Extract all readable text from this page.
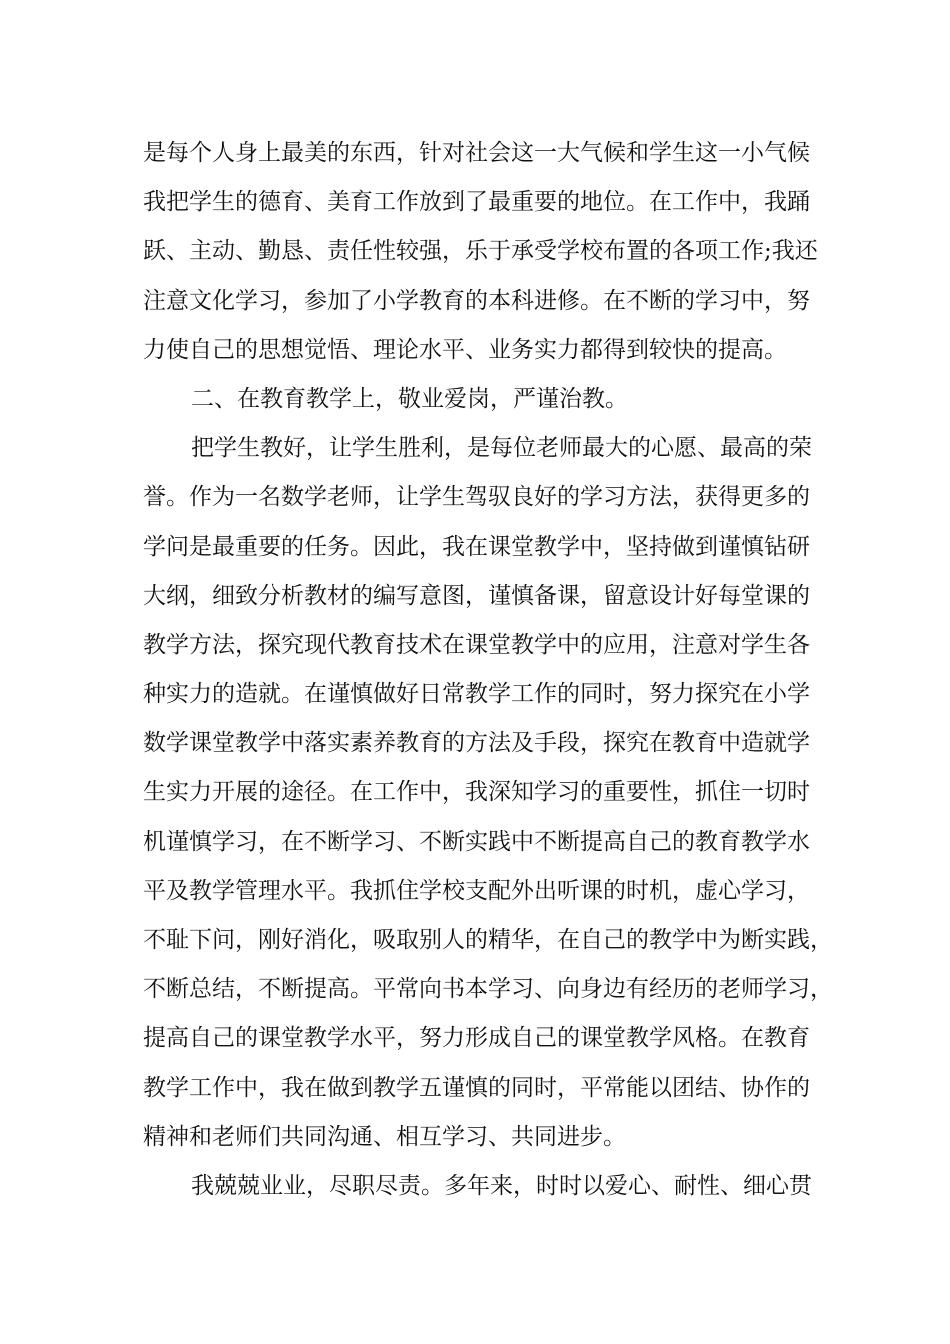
是每个人身上最美的东西，针对社会这一大气候和学生这一小气候
我把学生的德育、美育工作放到了最重要的地位。在工作中，我踊
跃、主动、勤恳、责任性较强，乐于承受学校布置的各项工作;我还
注意文化学习，参加了小学教育的本科进修。在不断的学习中，努
力使自己的思想觉悟、理论水平、业务实力都得到较快的提高。
二、在教育教学上，敬业爱岗，严谨治教。
把学生教好，让学生胜利，是每位老师最大的心愿、最高的荣
誉。作为一名数学老师，让学生驾驭良好的学习方法，获得更多的
学问是最重要的任务。因此，我在课堂教学中，坚持做到谨慎钻研
大纲，细致分析教材的编写意图，谨慎备课，留意设计好每堂课的
教学方法，探究现代教育技术在课堂教学中的应用，注意对学生各
种实力的造就。在谨慎做好日常教学工作的同时，努力探究在小学
数学课堂教学中落实素养教育的方法及手段，探究在教育中造就学
生实力开展的途径。在工作中，我深知学习的重要性，抓住一切时
机谨慎学习，在不断学习、不断实践中不断提高自己的教育教学水
平及教学管理水平。我抓住学校支配外出听课的时机，虚心学习，
不耻下问，刚好消化，吸取别人的精华，在自己的教学中为断实践，
不断总结，不断提高。平常向书本学习、向身边有经历的老师学习，
提高自己的课堂教学水平，努力形成自己的课堂教学风格。在教育
教学工作中，我在做到教学五谨慎的同时，平常能以团结、协作的
精神和老师们共同沟通、相互学习、共同进步。
我兢兢业业，尽职尽责。多年来，时时以爱心、耐性、细心贯
